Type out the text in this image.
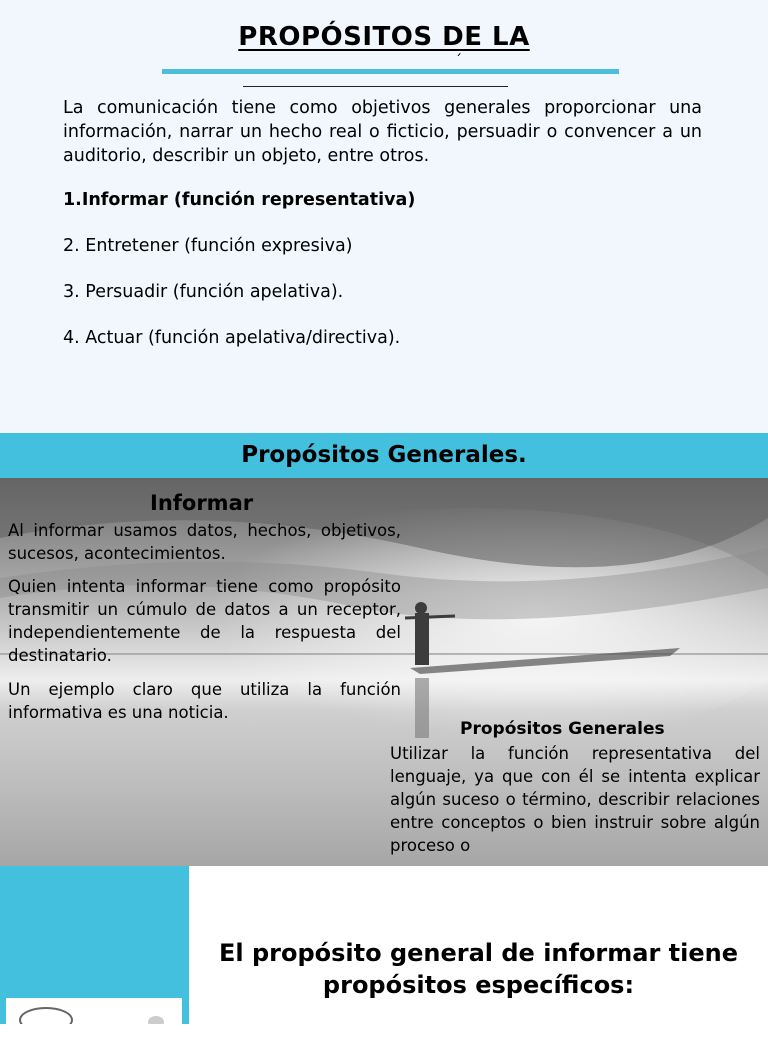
PROPÓSITOS DE LA
´

La comunicación tiene como objetivos generales proporcionar una información, narrar un hecho real o ficticio, persuadir o convencer a un auditorio, describir un objeto, entre otros.

1.Informar (función representativa)
2. Entretener (función expresiva)
3. Persuadir (función apelativa).
4. Actuar (función apelativa/directiva).
Propósitos Generales.
Informar
Al informar usamos datos, hechos, objetivos, sucesos, acontecimientos.
Quien intenta informar tiene como propósito transmitir un cúmulo de datos a un receptor, independientemente de la respuesta del destinatario.
Un ejemplo claro que utiliza la función informativa es una noticia.
Propósitos Generales
Utilizar la función representativa del lenguaje, ya que con él se intenta explicar algún suceso o término, describir relaciones entre conceptos o bien instruir sobre algún proceso o
El propósito general de informar tiene
propósitos específicos:
